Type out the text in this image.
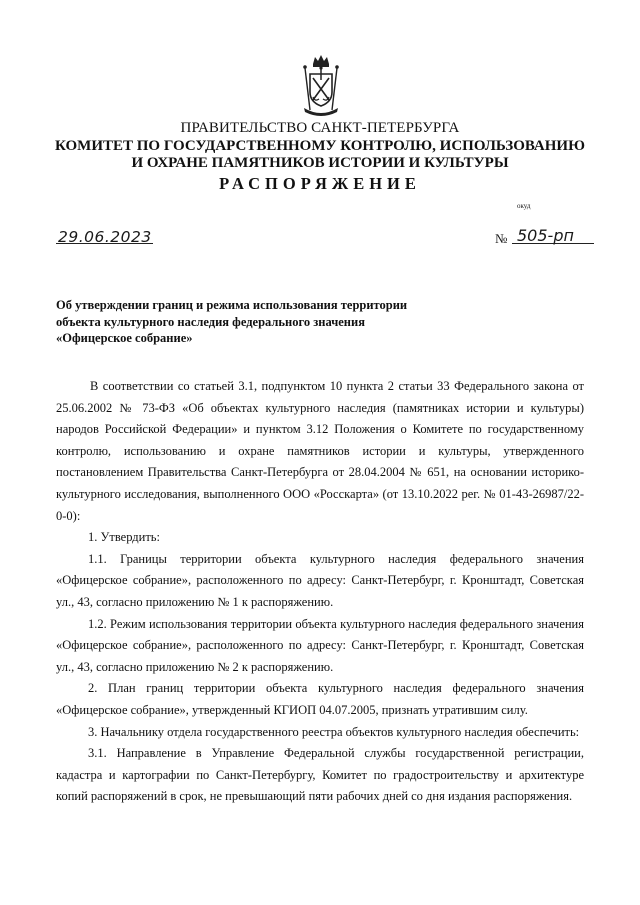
ПРАВИТЕЛЬСТВО САНКТ-ПЕТЕРБУРГА
КОМИТЕТ ПО ГОСУДАРСТВЕННОМУ КОНТРОЛЮ, ИСПОЛЬЗОВАНИЮ
И ОХРАНЕ ПАМЯТНИКОВ ИСТОРИИ И КУЛЬТУРЫ
РАСПОРЯЖЕНИЕ
окуд
29.06.2023	№ 505-рп
Об утверждении границ и режима использования территории
объекта культурного наследия федерального значения
«Офицерское собрание»

В соответствии со статьей 3.1, подпунктом 10 пункта 2 статьи 33 Федерального закона от 25.06.2002 № 73-ФЗ «Об объектах культурного наследия (памятниках истории и культуры) народов Российской Федерации» и пунктом 3.12 Положения о Комитете по государственному контролю, использованию и охране памятников истории и культуры, утвержденного постановлением Правительства Санкт-Петербурга от 28.04.2004 № 651, на основании историко-культурного исследования, выполненного ООО «Росскарта» (от 13.10.2022 рег. № 01-43-26987/22-0-0):

1. Утвердить:

1.1. Границы территории объекта культурного наследия федерального значения «Офицерское собрание», расположенного по адресу: Санкт-Петербург, г. Кронштадт, Советская ул., 43, согласно приложению № 1 к распоряжению.

1.2. Режим использования территории объекта культурного наследия федерального значения «Офицерское собрание», расположенного по адресу: Санкт-Петербург, г. Кронштадт, Советская ул., 43, согласно приложению № 2 к распоряжению.

2. План границ территории объекта культурного наследия федерального значения «Офицерское собрание», утвержденный КГИОП 04.07.2005, признать утратившим силу.

3. Начальнику отдела государственного реестра объектов культурного наследия обеспечить:

3.1. Направление в Управление Федеральной службы государственной регистрации, кадастра и картографии по Санкт-Петербургу, Комитет по градостроительству и архитектуре копий распоряжений в срок, не превышающий пяти рабочих дней со дня издания распоряжения.
